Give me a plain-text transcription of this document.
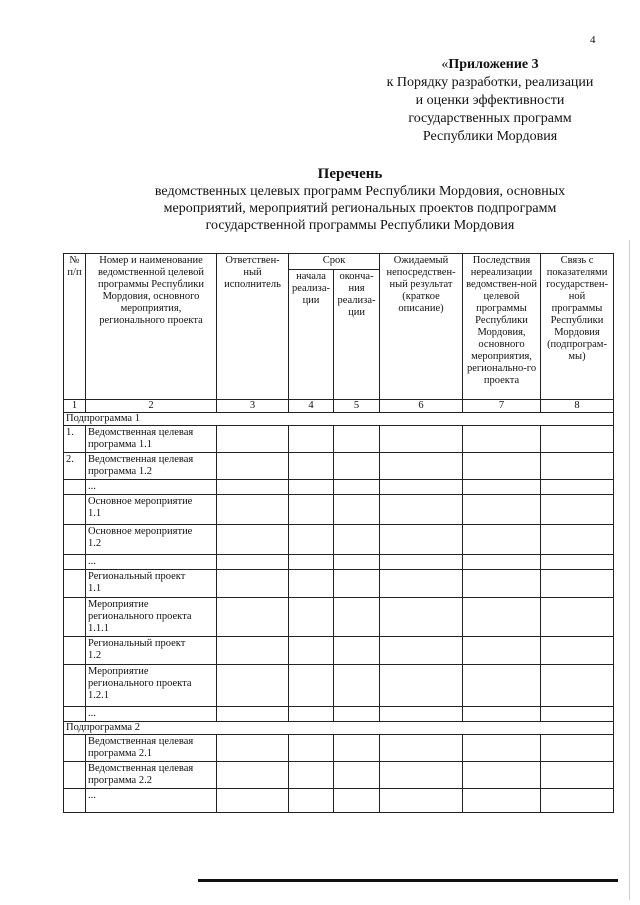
4
«Приложение 3
к Порядку разработки, реализации
и оценки эффективности
государственных программ
Республики Мордовия
Перечень
ведомственных целевых программ Республики Мордовия, основных
мероприятий, мероприятий региональных проектов подпрограмм
государственной программы Республики Мордовия
№ п/п	Номер и наименование ведомственной целевой программы Республики Мордовия, основного мероприятия, регионального проекта	Ответствен-ный исполнитель	Срок		Ожидаемый непосредствен-ный результат (краткое описание)	Последствия нереализации ведомствен-ной целевой программы Республики Мордовия, основного мероприятия, регионально-го проекта	Связь с показателями государствен-ной программы Республики Мордовия (подпрограм-мы)
			начала реализа-ции	оконча-ния реализа-ции			
1	2	3	4	5	6	7	8
Подпрограмма 1							
1.	Ведомственная целевая
программа 1.1						

2.	Ведомственная целевая
программа 1.2						

	...						

	Основное мероприятие
1.1						

	Основное мероприятие
1.2						

	...						

	Региональный проект
1.1						

	Мероприятие
регионального проекта
1.1.1						

	Региональный проект
1.2						

	Мероприятие
регионального проекта
1.2.1						

	...						

Подпрограмма 2							

	Ведомственная целевая
программа 2.1						

	Ведомственная целевая
программа 2.2						

	...						
